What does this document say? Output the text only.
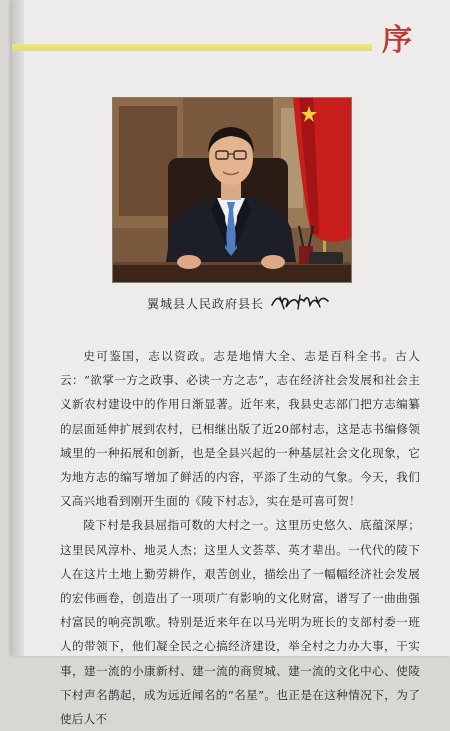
序
翼城县人民政府县长

史可鉴国，志以资政。志是地情大全、志是百科全书。古人云：“欲掌一方之政事、必读一方之志”，志在经济社会发展和社会主义新农村建设中的作用日渐显著。近年来，我县史志部门把方志编纂的层面延伸扩展到农村，已相继出版了近20部村志，这是志书编修领域里的一种拓展和创新，也是全县兴起的一种基层社会文化现象，它为地方志的编写增加了鲜活的内容，平添了生动的气象。今天，我们又高兴地看到刚开生面的《陵下村志》，实在是可喜可贺！

陵下村是我县屈指可数的大村之一。这里历史悠久、底蕴深厚；这里民风淳朴、地灵人杰；这里人文荟萃、英才辈出。一代代的陵下人在这片土地上勤劳耕作，艰苦创业，描绘出了一幅幅经济社会发展的宏伟画卷，创造出了一项项广有影响的文化财富，谱写了一曲曲强村富民的响亮凯歌。特别是近来年在以马光明为班长的支部村委一班人的带领下，他们凝全民之心搞经济建设，举全村之力办大事，干实事，建一流的小康新村、建一流的商贸城、建一流的文化中心、使陵下村声名鹊起，成为远近闻名的“名星”。也正是在这种情况下，为了使后人不
